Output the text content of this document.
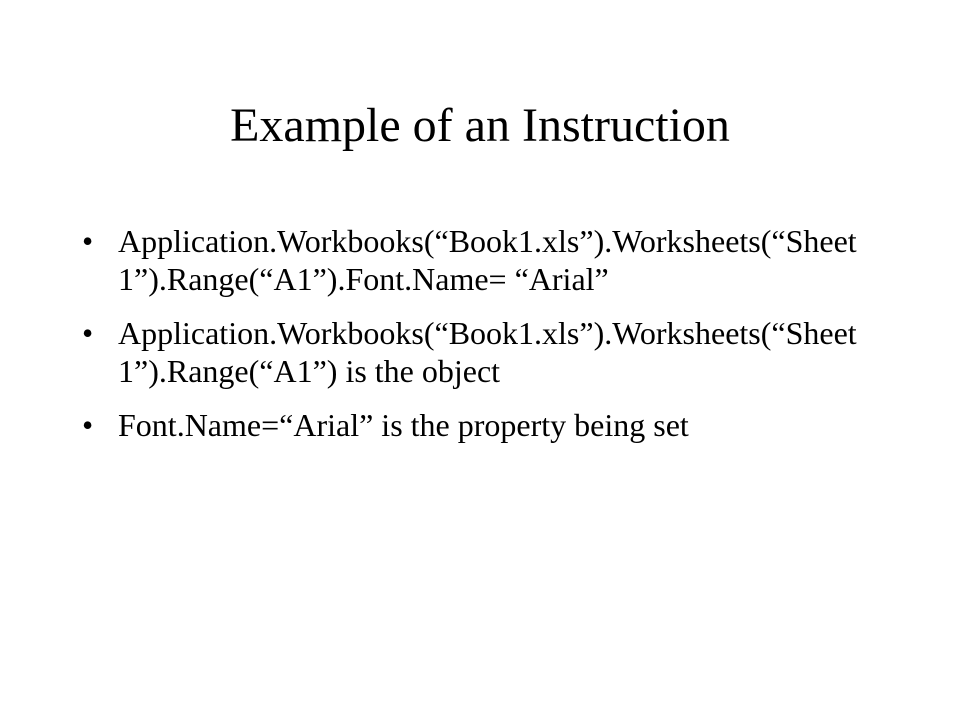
Example of an Instruction
• Application.Workbooks(“Book1.xls”).Worksheets(“Sheet1”).Range(“A1”).Font.Name= “Arial”
• Application.Workbooks(“Book1.xls”).Worksheets(“Sheet1”).Range(“A1”) is the object
• Font.Name=“Arial” is the property being set
